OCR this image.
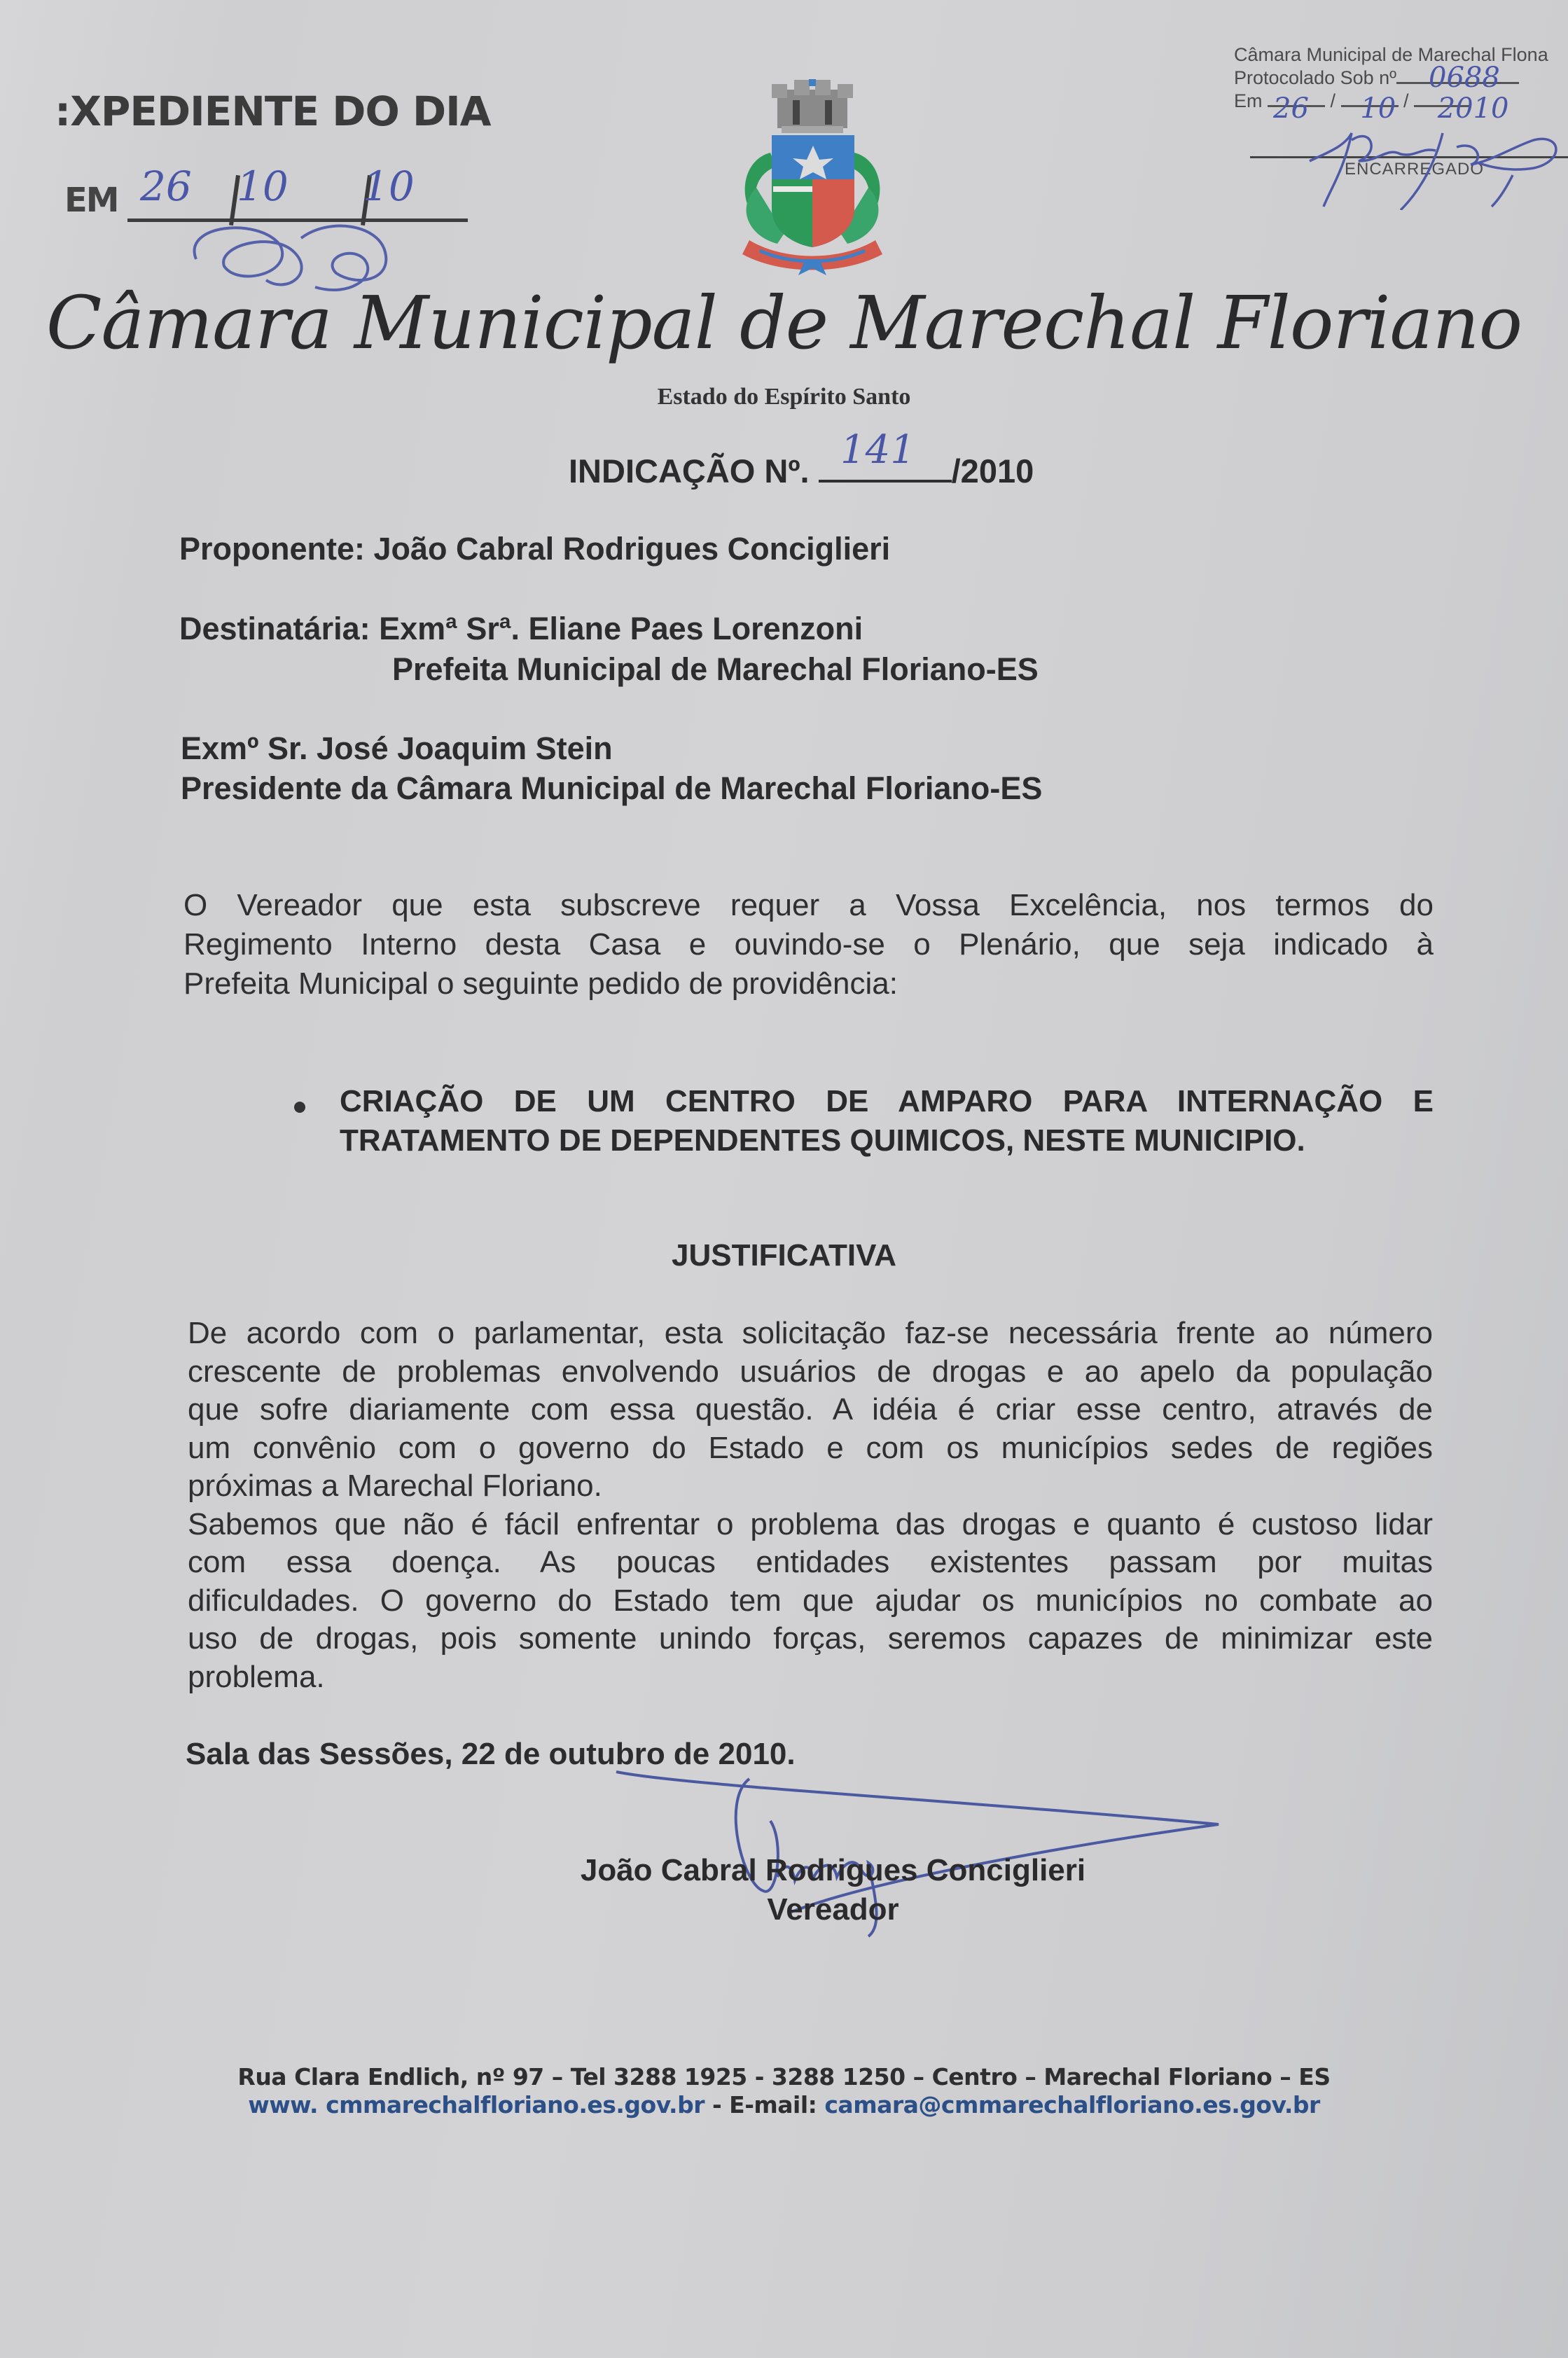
:XPEDIENTE DO DIA
EM 26 10 10
Câmara Municipal de Marechal Flona
Protocolado Sob nº
Em	/	/
0688
26 10 2010
ENCARREGADO
Câmara Municipal de Marechal Floriano
Estado do Espírito Santo
INDICAÇÃO Nº.	/2010
141
Proponente: João Cabral Rodrigues Conciglieri
Destinatária: Exmª Srª. Eliane Paes Lorenzoni
Prefeita Municipal de Marechal Floriano-ES
Exmº Sr. José Joaquim Stein
Presidente da Câmara Municipal de Marechal Floriano-ES
O Vereador que esta subscreve requer a Vossa Excelência, nos termos do
Regimento Interno desta Casa e ouvindo-se o Plenário, que seja indicado à
Prefeita Municipal o seguinte pedido de providência:
CRIAÇÃO DE UM CENTRO DE AMPARO PARA INTERNAÇÃO E
TRATAMENTO DE DEPENDENTES QUIMICOS, NESTE MUNICIPIO.
JUSTIFICATIVA
De acordo com o parlamentar, esta solicitação faz-se necessária frente ao número
crescente de problemas envolvendo usuários de drogas e ao apelo da população
que sofre diariamente com essa questão. A idéia é criar esse centro, através de
um convênio com o governo do Estado e com os municípios sedes de regiões
próximas a Marechal Floriano.
Sabemos que não é fácil enfrentar o problema das drogas e quanto é custoso lidar
com essa doença. As poucas entidades existentes passam por muitas
dificuldades. O governo do Estado tem que ajudar os municípios no combate ao
uso de drogas, pois somente unindo forças, seremos capazes de minimizar este
problema.
Sala das Sessões, 22 de outubro de 2010.
João Cabral Rodrigues Conciglieri
Vereador
Rua Clara Endlich, nº 97 – Tel 3288 1925 - 3288 1250 – Centro – Marechal Floriano – ES
www. cmmarechalfloriano.es.gov.br - E-mail: camara@cmmarechalfloriano.es.gov.br
